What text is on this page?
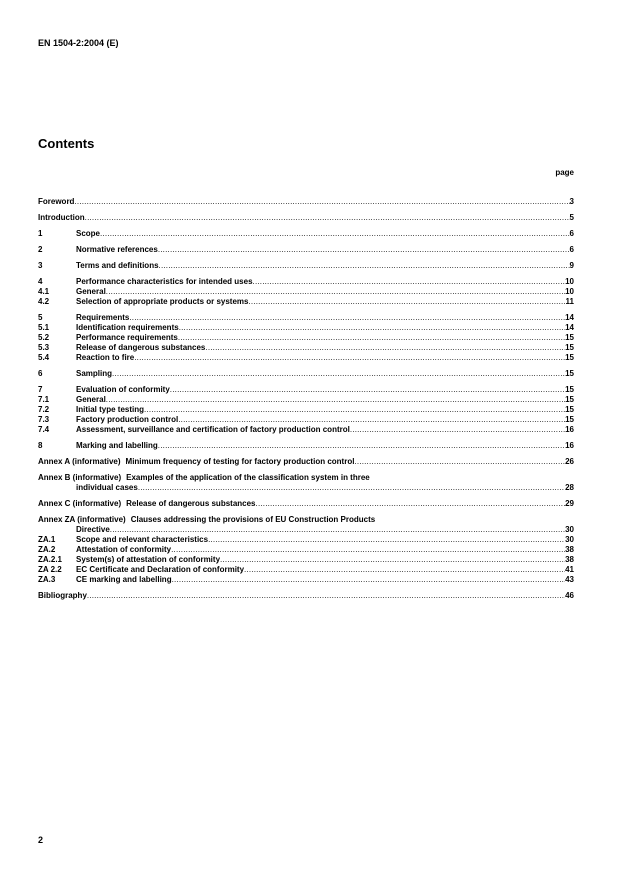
EN 1504-2:2004 (E)
Contents
page
Foreword .....	3
Introduction .....	5
1	Scope .....	6
2	Normative references .....	6
3	Terms and definitions .....	9
4	Performance characteristics for intended uses .....	10
4.1	General .....	10
4.2	Selection of appropriate products or systems .....	11
5	Requirements .....	14
5.1	Identification requirements .....	14
5.2	Performance requirements .....	15
5.3	Release of dangerous substances .....	15
5.4	Reaction to fire .....	15
6	Sampling .....	15
7	Evaluation of conformity .....	15
7.1	General .....	15
7.2	Initial type testing .....	15
7.3	Factory production control .....	15
7.4	Assessment, surveillance and certification of factory production control .....	16
8	Marking and labelling .....	16
Annex A (informative) Minimum frequency of testing for factory production control .....	26
Annex B (informative) Examples of the application of the classification system in three
individual cases .....	28
Annex C (informative) Release of dangerous substances .....	29
Annex ZA (informative) Clauses addressing the provisions of EU Construction Products
Directive .....	30
ZA.1	Scope and relevant characteristics .....	30
ZA.2	Attestation of conformity .....	38
ZA.2.1	System(s) of attestation of conformity .....	38
ZA 2.2	EC Certificate and Declaration of conformity .....	41
ZA.3	CE marking and labelling .....	43
Bibliography .....	46
2
